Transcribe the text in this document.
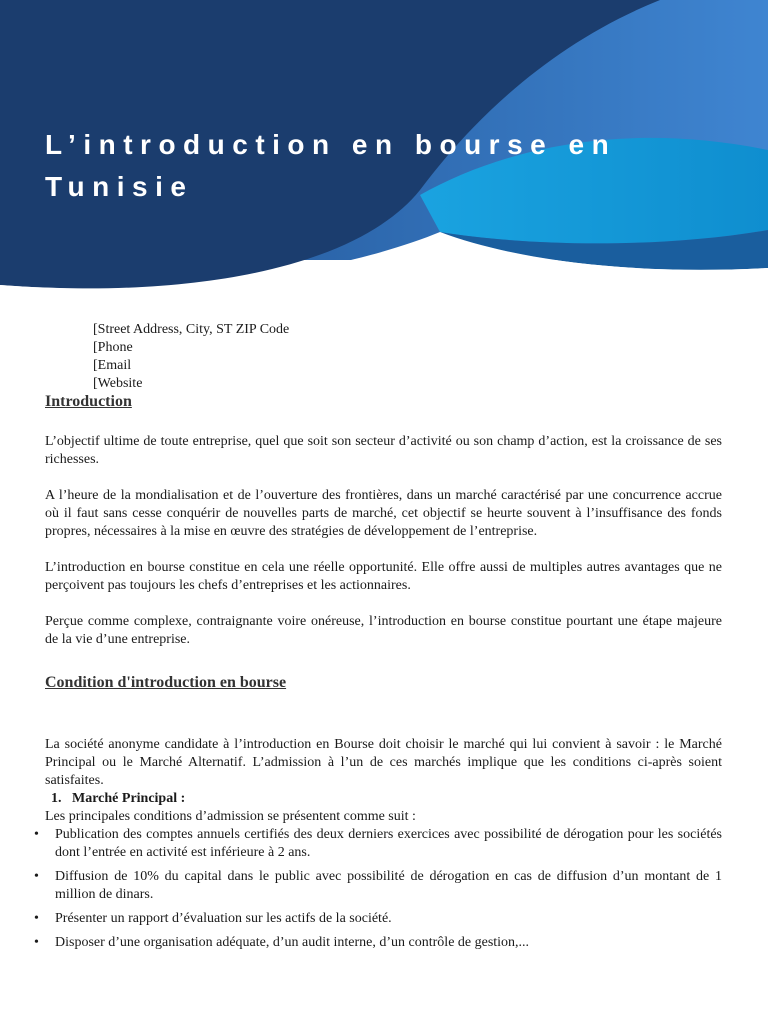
L’introduction en bourse en
Tunisie
[Street Address, City, ST ZIP Code
[Phone
[Email
[Website
Introduction

L’objectif ultime de toute entreprise, quel que soit son secteur d’activité ou son champ d’action, est la croissance de ses richesses.

A l’heure de la mondialisation et de l’ouverture des frontières, dans un marché caractérisé par une concurrence accrue où il faut sans cesse conquérir de nouvelles parts de marché, cet objectif se heurte souvent à l’insuffisance des fonds propres, nécessaires à la mise en œuvre des stratégies de développement de l’entreprise.

L’introduction en bourse constitue en cela une réelle opportunité. Elle offre aussi de multiples autres avantages que ne perçoivent pas toujours les chefs d’entreprises et les actionnaires.

Perçue comme complexe, contraignante voire onéreuse, l’introduction en bourse constitue pourtant une étape majeure de la vie d’une entreprise.

Condition d'introduction en bourse

La société anonyme candidate à l’introduction en Bourse doit choisir le marché qui lui convient à savoir : le Marché Principal ou le Marché Alternatif. L’admission à l’un de ces marchés implique que les conditions ci-après soient satisfaites.

1.   Marché Principal :
Les principales conditions d’admission se présentent comme suit :
• Publication des comptes annuels certifiés des deux derniers exercices avec possibilité de dérogation pour les sociétés dont l’entrée en activité est inférieure à 2 ans.
• Diffusion de 10% du capital dans le public avec possibilité de dérogation en cas de diffusion d’un montant de 1 million de dinars.
• Présenter un rapport d’évaluation sur les actifs de la société.
• Disposer d’une organisation adéquate, d’un audit interne, d’un contrôle de gestion,...
